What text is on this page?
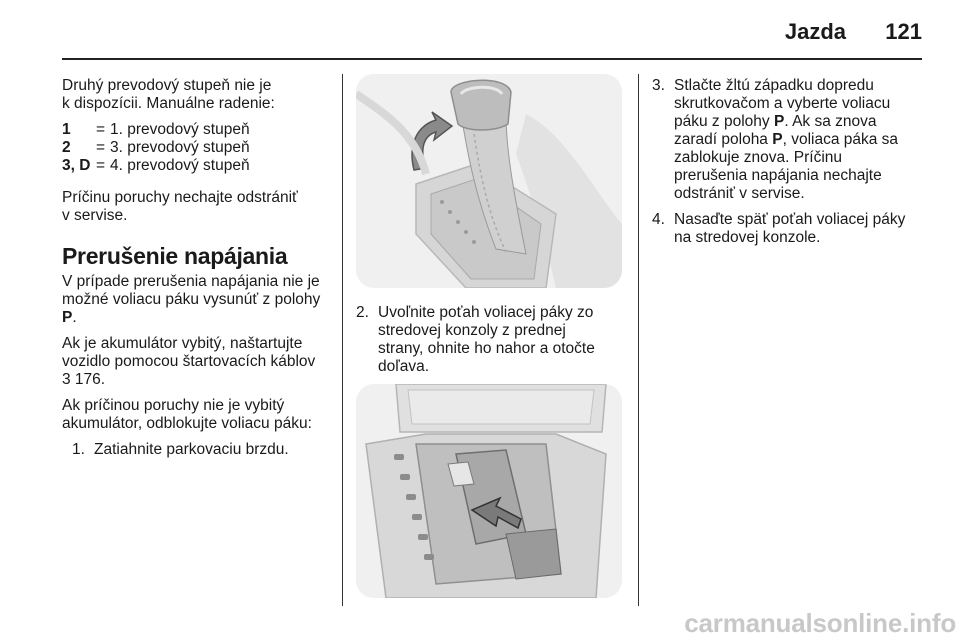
Jazda 121

Druhý prevodový stupeň nie je
k dispozícii. Manuálne radenie:

1	= 1. prevodový stupeň
2	= 3. prevodový stupeň
3, D = 4. prevodový stupeň

Príčinu poruchy nechajte odstrániť
v servise.

Prerušenie napájania

V prípade prerušenia napájania nie je
možné voliacu páku vysunúť z polohy
P.

Ak je akumulátor vybitý, naštartujte
vozidlo pomocou štartovacích káblov
3 176.

Ak príčinou poruchy nie je vybitý
akumulátor, odblokujte voliacu páku:

1. Zatiahnite parkovaciu brzdu.
2. Uvoľnite poťah voliacej páky zo
stredovej konzoly z prednej
strany, ohnite ho nahor a otočte
doľava.
3. Stlačte žltú západku dopredu
skrutkovačom a vyberte voliacu
páku z polohy P. Ak sa znova
zaradí poloha P, voliaca páka sa
zablokuje znova. Príčinu
prerušenia napájania nechajte
odstrániť v servise.
4. Nasaďte späť poťah voliacej páky
na stredovej konzole.
carmanualsonline.info
